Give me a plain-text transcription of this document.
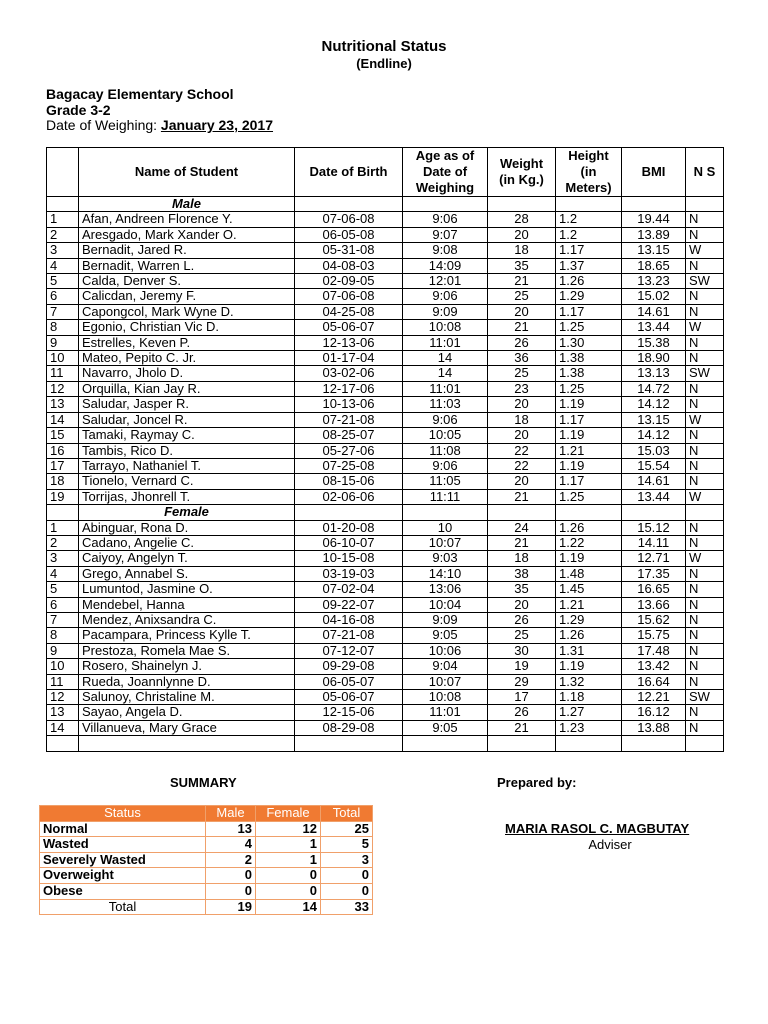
Nutritional Status
(Endline)
Bagacay Elementary School
Grade 3-2
Date of Weighing: January 23, 2017
	Name of Student	Date of Birth	Age as of Date of Weighing	Weight (in Kg.)	Height (in Meters)	BMI	N S
	Male						
1	Afan, Andreen Florence Y.	07-06-08	9:06	28	1.2	19.44	N
2	Aresgado, Mark Xander O.	06-05-08	9:07	20	1.2	13.89	N
3	Bernadit, Jared R.	05-31-08	9:08	18	1.17	13.15	W
4	Bernadit, Warren L.	04-08-03	14:09	35	1.37	18.65	N
5	Calda, Denver S.	02-09-05	12:01	21	1.26	13.23	SW
6	Calicdan, Jeremy F.	07-06-08	9:06	25	1.29	15.02	N
7	Capongcol, Mark Wyne D.	04-25-08	9:09	20	1.17	14.61	N
8	Egonio, Christian Vic D.	05-06-07	10:08	21	1.25	13.44	W
9	Estrelles, Keven P.	12-13-06	11:01	26	1.30	15.38	N
10	Mateo, Pepito C. Jr.	01-17-04	14	36	1.38	18.90	N
11	Navarro, Jholo D.	03-02-06	14	25	1.38	13.13	SW
12	Orquilla, Kian Jay R.	12-17-06	11:01	23	1.25	14.72	N
13	Saludar, Jasper R.	10-13-06	11:03	20	1.19	14.12	N
14	Saludar, Joncel R.	07-21-08	9:06	18	1.17	13.15	W
15	Tamaki, Raymay C.	08-25-07	10:05	20	1.19	14.12	N
16	Tambis, Rico D.	05-27-06	11:08	22	1.21	15.03	N
17	Tarrayo, Nathaniel T.	07-25-08	9:06	22	1.19	15.54	N
18	Tionelo, Vernard C.	08-15-06	11:05	20	1.17	14.61	N
19	Torrijas, Jhonrell T.	02-06-06	11:11	21	1.25	13.44	W
	Female						
1	Abinguar, Rona D.	01-20-08	10	24	1.26	15.12	N
2	Cadano, Angelie C.	06-10-07	10:07	21	1.22	14.11	N
3	Caiyoy, Angelyn T.	10-15-08	9:03	18	1.19	12.71	W
4	Grego, Annabel S.	03-19-03	14:10	38	1.48	17.35	N
5	Lumuntod, Jasmine O.	07-02-04	13:06	35	1.45	16.65	N
6	Mendebel, Hanna	09-22-07	10:04	20	1.21	13.66	N
7	Mendez, Anixsandra C.	04-16-08	9:09	26	1.29	15.62	N
8	Pacampara, Princess Kylle T.	07-21-08	9:05	25	1.26	15.75	N
9	Prestoza, Romela Mae S.	07-12-07	10:06	30	1.31	17.48	N
10	Rosero, Shainelyn J.	09-29-08	9:04	19	1.19	13.42	N
11	Rueda, Joannlynne D.	06-05-07	10:07	29	1.32	16.64	N
12	Salunoy, Christaline M.	05-06-07	10:08	17	1.18	12.21	SW
13	Sayao, Angela D.	12-15-06	11:01	26	1.27	16.12	N
14	Villanueva, Mary Grace	08-29-08	9:05	21	1.23	13.88	N

SUMMARY	Prepared by:
Status	Male	Female	Total
Normal	13	12	25
Wasted	4	1	5
Severely Wasted	2	1	3
Overweight	0	0	0
Obese	0	0	0
Total	19	14	33
MARIA RASOL C. MAGBUTAY
Adviser
